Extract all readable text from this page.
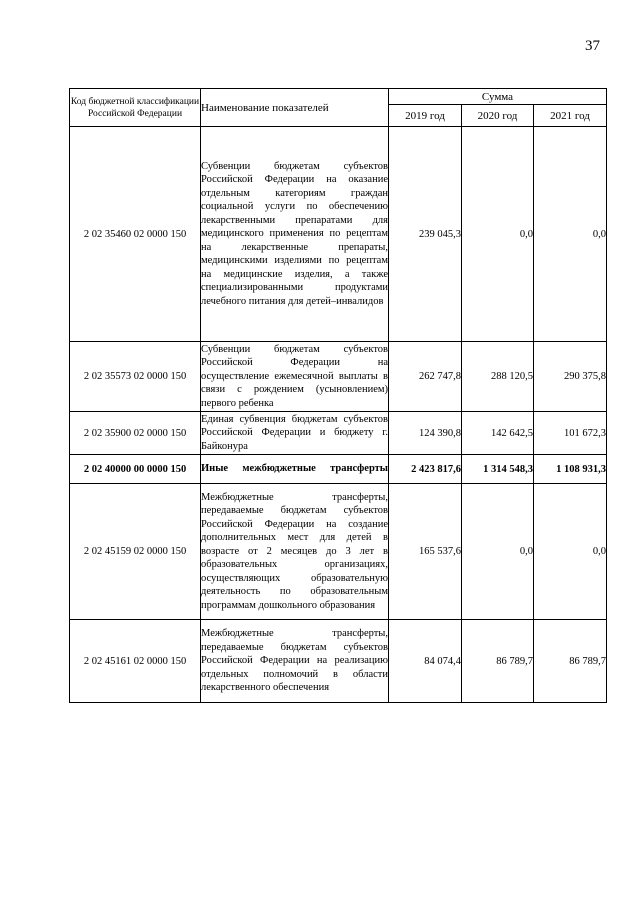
37
Код бюджетной классификации Российской Федерации	Наименование показателей	Сумма		
		2019 год	2020 год	2021 год
2 02 35460 02 0000 150	Субвенции бюджетам субъектов Российской Федерации на оказание отдельным категориям граждан социальной услуги по обеспечению лекарственными препаратами для медицинского применения по рецептам на лекарственные препараты, медицинскими изделиями по рецептам на медицинские изделия, а также специализированными продуктами лечебного питания для детей–инвалидов	239 045,3	0,0	0,0
2 02 35573 02 0000 150	Субвенции бюджетам субъектов Российской Федерации на осуществление ежемесячной выплаты в связи с рождением (усыновлением) первого ребенка	262 747,8	288 120,5	290 375,8
2 02 35900 02 0000 150	Единая субвенция бюджетам субъектов Российской Федерации и бюджету г. Байконура	124 390,8	142 642,5	101 672,3
2 02 40000 00 0000 150	Иные межбюджетные трансферты	2 423 817,6	1 314 548,3	1 108 931,3
2 02 45159 02 0000 150	Межбюджетные трансферты, передаваемые бюджетам субъектов Российской Федерации на создание дополнительных мест для детей в возрасте от 2 месяцев до 3 лет в образовательных организациях, осуществляющих образовательную деятельность по образовательным программам дошкольного образования	165 537,6	0,0	0,0
2 02 45161 02 0000 150	Межбюджетные трансферты, передаваемые бюджетам субъектов Российской Федерации на реализацию отдельных полномочий в области лекарственного обеспечения	84 074,4	86 789,7	86 789,7
